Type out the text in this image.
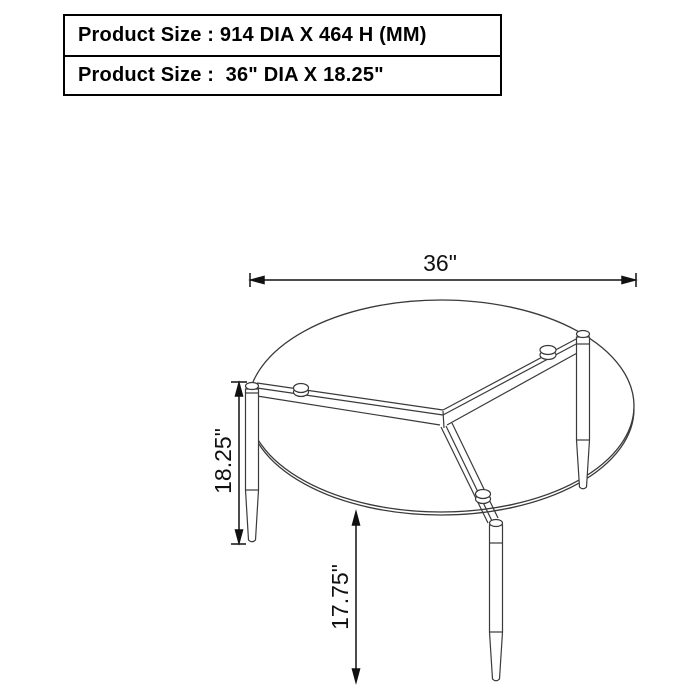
Product Size : 914 DIA X 464 H (MM)
Product Size :  36" DIA X 18.25"
36"
18.25"
17.75"
